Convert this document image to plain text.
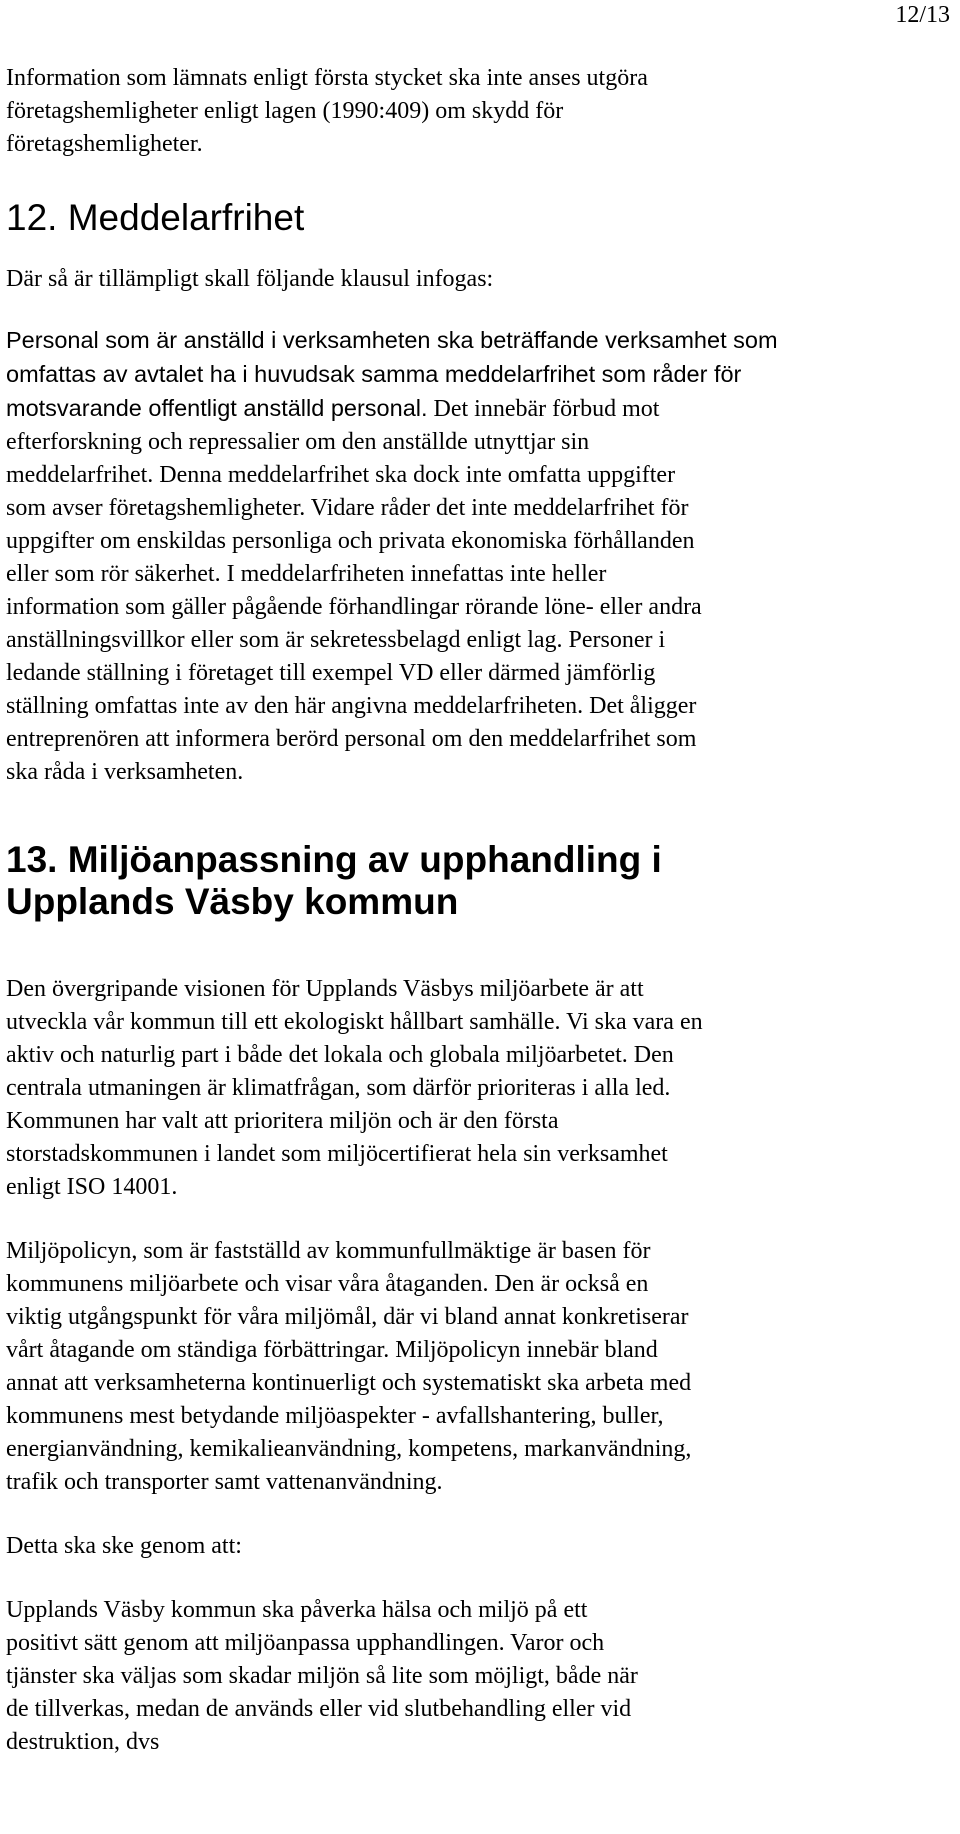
12/13

Information som lämnats enligt första stycket ska inte anses utgöra
företagshemligheter enligt lagen (1990:409) om skydd för
företagshemligheter.

12. Meddelarfrihet

Där så är tillämpligt skall följande klausul infogas:

Personal som är anställd i verksamheten ska beträffande verksamhet som
omfattas av avtalet ha i huvudsak samma meddelarfrihet som råder för
motsvarande offentligt anställd personal. Det innebär förbud mot
efterforskning och repressalier om den anställde utnyttjar sin
meddelarfrihet. Denna meddelarfrihet ska dock inte omfatta uppgifter
som avser företagshemligheter. Vidare råder det inte meddelarfrihet för
uppgifter om enskildas personliga och privata ekonomiska förhållanden
eller som rör säkerhet. I meddelarfriheten innefattas inte heller
information som gäller pågående förhandlingar rörande löne- eller andra
anställningsvillkor eller som är sekretessbelagd enligt lag. Personer i
ledande ställning i företaget till exempel VD eller därmed jämförlig
ställning omfattas inte av den här angivna meddelarfriheten. Det åligger
entreprenören att informera berörd personal om den meddelarfrihet som
ska råda i verksamheten.

13. Miljöanpassning av upphandling i
Upplands Väsby kommun

Den övergripande visionen för Upplands Väsbys miljöarbete är att
utveckla vår kommun till ett ekologiskt hållbart samhälle. Vi ska vara en
aktiv och naturlig part i både det lokala och globala miljöarbetet. Den
centrala utmaningen är klimatfrågan, som därför prioriteras i alla led.
Kommunen har valt att prioritera miljön och är den första
storstadskommunen i landet som miljöcertifierat hela sin verksamhet
enligt ISO 14001.

Miljöpolicyn, som är fastställd av kommunfullmäktige är basen för
kommunens miljöarbete och visar våra åtaganden. Den är också en
viktig utgångspunkt för våra miljömål, där vi bland annat konkretiserar
vårt åtagande om ständiga förbättringar. Miljöpolicyn innebär bland
annat att verksamheterna kontinuerligt och systematiskt ska arbeta med
kommunens mest betydande miljöaspekter - avfallshantering, buller,
energianvändning, kemikalieanvändning, kompetens, markanvändning,
trafik och transporter samt vattenanvändning.

Detta ska ske genom att:

Upplands Väsby kommun ska påverka hälsa och miljö på ett
positivt sätt genom att miljöanpassa upphandlingen. Varor och
tjänster ska väljas som skadar miljön så lite som möjligt, både när
de tillverkas, medan de används eller vid slutbehandling eller vid
destruktion, dvs
